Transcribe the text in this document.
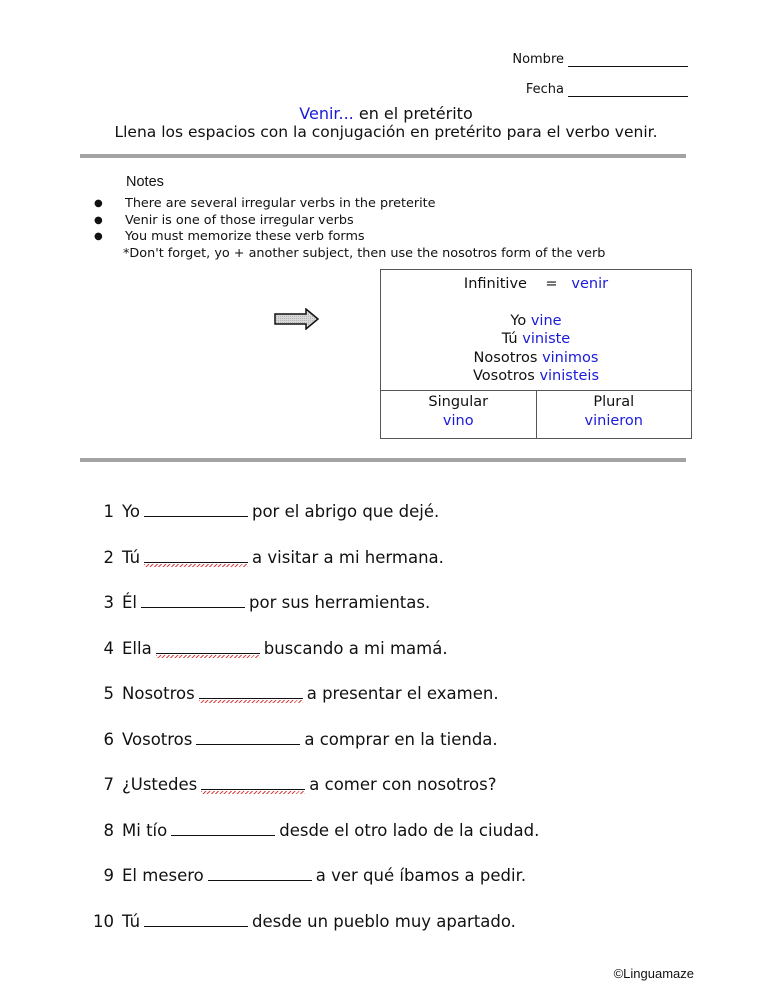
Nombre
Fecha
Venir... en el pretérito
Llena los espacios con la conjugación en pretérito para el verbo venir.
Notes
●	There are several irregular verbs in the preterite
●	Venir is one of those irregular verbs
●	You must memorize these verb forms
*Don't forget, yo + another subject, then use the nosotros form of the verb
Infinitive = venir
Yo vine
Tú viniste
Nosotros vinimos
Vosotros vinisteis
Singular
vino
Plural
vinieron
1 Yo	por el abrigo que dejé.
2 Tú	a visitar a mi hermana.
3 Él	por sus herramientas.
4 Ella	buscando a mi mamá.
5 Nosotros	a presentar el examen.
6 Vosotros	a comprar en la tienda.
7 ¿Ustedes	a comer con nosotros?
8 Mi tío	desde el otro lado de la ciudad.
9 El mesero	a ver qué íbamos a pedir.
10 Tú	desde un pueblo muy apartado.
©Linguamaze
